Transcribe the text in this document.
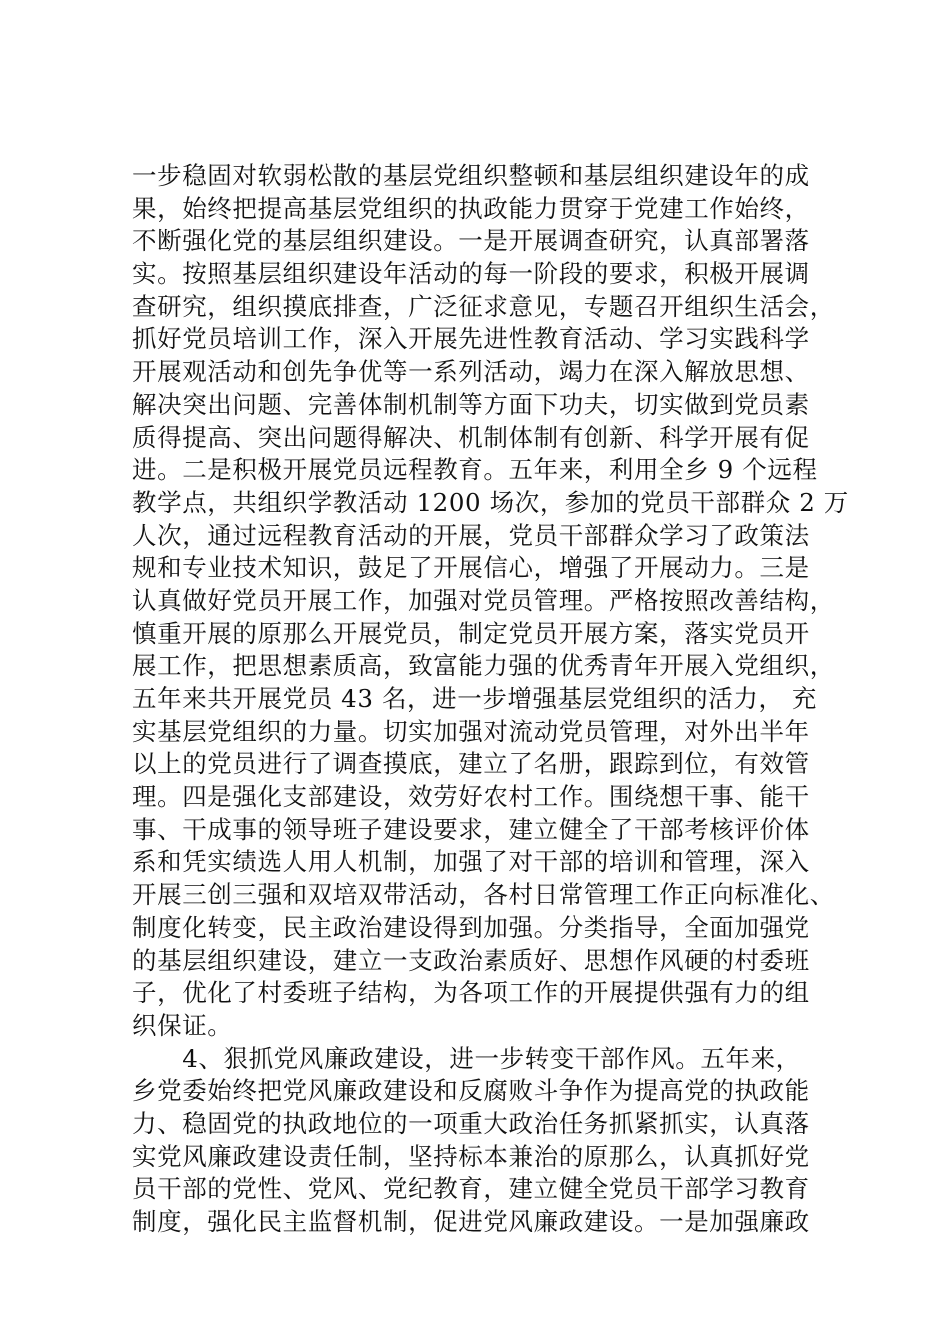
一步稳固对软弱松散的基层党组织整顿和基层组织建设年的成
果，始终把提高基层党组织的执政能力贯穿于党建工作始终，
不断强化党的基层组织建设。一是开展调查研究，认真部署落
实。按照基层组织建设年活动的每一阶段的要求，积极开展调
查研究，组织摸底排查，广泛征求意见，专题召开组织生活会，
抓好党员培训工作，深入开展先进性教育活动、学习实践科学
开展观活动和创先争优等一系列活动，竭力在深入解放思想、
解决突出问题、完善体制机制等方面下功夫，切实做到党员素
质得提高、突出问题得解决、机制体制有创新、科学开展有促
进。二是积极开展党员远程教育。五年来，利用全乡 9 个远程
教学点，共组织学教活动 1200 场次，参加的党员干部群众 2 万
人次，通过远程教育活动的开展，党员干部群众学习了政策法
规和专业技术知识，鼓足了开展信心，增强了开展动力。三是
认真做好党员开展工作，加强对党员管理。严格按照改善结构，
慎重开展的原那么开展党员，制定党员开展方案，落实党员开
展工作，把思想素质高，致富能力强的优秀青年开展入党组织，
五年来共开展党员 43 名，进一步增强基层党组织的活力， 充
实基层党组织的力量。切实加强对流动党员管理，对外出半年
以上的党员进行了调查摸底，建立了名册，跟踪到位，有效管
理。四是强化支部建设，效劳好农村工作。围绕想干事、能干
事、干成事的领导班子建设要求，建立健全了干部考核评价体
系和凭实绩选人用人机制，加强了对干部的培训和管理，深入
开展三创三强和双培双带活动，各村日常管理工作正向标准化、
制度化转变，民主政治建设得到加强。分类指导，全面加强党
的基层组织建设，建立一支政治素质好、思想作风硬的村委班
子，优化了村委班子结构，为各项工作的开展提供强有力的组
织保证。
　　4、狠抓党风廉政建设，进一步转变干部作风。五年来，
乡党委始终把党风廉政建设和反腐败斗争作为提高党的执政能
力、稳固党的执政地位的一项重大政治任务抓紧抓实，认真落
实党风廉政建设责任制，坚持标本兼治的原那么，认真抓好党
员干部的党性、党风、党纪教育，建立健全党员干部学习教育
制度，强化民主监督机制，促进党风廉政建设。一是加强廉政
